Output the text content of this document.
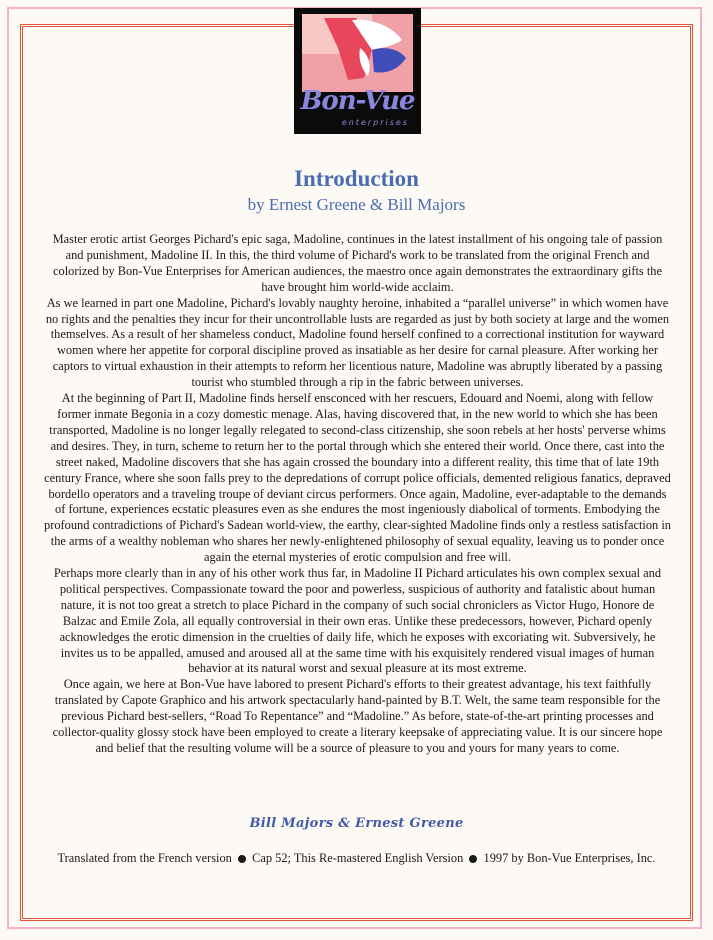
Bon-Vue
enterprises
Introduction
by Ernest Greene & Bill Majors

Master erotic artist Georges Pichard's epic saga, Madoline, continues in the latest installment of his ongoing tale of passion and punishment, Madoline II. In this, the third volume of Pichard's work to be translated from the original French and colorized by Bon-Vue Enterprises for American audiences, the maestro once again demonstrates the extraordinary gifts the have brought him world-wide acclaim.

As we learned in part one Madoline, Pichard's lovably naughty heroine, inhabited a “parallel universe” in which women have no rights and the penalties they incur for their uncontrollable lusts are regarded as just by both society at large and the women themselves. As a result of her shameless conduct, Madoline found herself confined to a correctional institution for wayward women where her appetite for corporal discipline proved as insatiable as her desire for carnal pleasure. After working her captors to virtual exhaustion in their attempts to reform her licentious nature, Madoline was abruptly liberated by a passing tourist who stumbled through a rip in the fabric between universes.

At the beginning of Part II, Madoline finds herself ensconced with her rescuers, Edouard and Noemi, along with fellow former inmate Begonia in a cozy domestic menage. Alas, having discovered that, in the new world to which she has been transported, Madoline is no longer legally relegated to second-class citizenship, she soon rebels at her hosts' perverse whims and desires. They, in turn, scheme to return her to the portal through which she entered their world. Once there, cast into the street naked, Madoline discovers that she has again crossed the boundary into a different reality, this time that of late 19th century France, where she soon falls prey to the depredations of corrupt police officials, demented religious fanatics, depraved bordello operators and a traveling troupe of deviant circus performers. Once again, Madoline, ever-adaptable to the demands of fortune, experiences ecstatic pleasures even as she endures the most ingeniously diabolical of torments. Embodying the profound contradictions of Pichard's Sadean world-view, the earthy, clear-sighted Madoline finds only a restless satisfaction in the arms of a wealthy nobleman who shares her newly-enlightened philosophy of sexual equality, leaving us to ponder once again the eternal mysteries of erotic compulsion and free will.

Perhaps more clearly than in any of his other work thus far, in Madoline II Pichard articulates his own complex sexual and political perspectives. Compassionate toward the poor and powerless, suspicious of authority and fatalistic about human nature, it is not too great a stretch to place Pichard in the company of such social chroniclers as Victor Hugo, Honore de Balzac and Emile Zola, all equally controversial in their own eras. Unlike these predecessors, however, Pichard openly acknowledges the erotic dimension in the cruelties of daily life, which he exposes with excoriating wit. Subversively, he invites us to be appalled, amused and aroused all at the same time with his exquisitely rendered visual images of human behavior at its natural worst and sexual pleasure at its most extreme.

Once again, we here at Bon-Vue have labored to present Pichard's efforts to their greatest advantage, his text faithfully translated by Capote Graphico and his artwork spectacularly hand-painted by B.T. Welt, the same team responsible for the previous Pichard best-sellers, “Road To Repentance” and “Madoline.” As before, state-of-the-art printing processes and collector-quality glossy stock have been employed to create a literary keepsake of appreciating value. It is our sincere hope and belief that the resulting volume will be a source of pleasure to you and yours for many years to come.

Bill Majors & Ernest Greene
Translated from the French version Cap 52; This Re-mastered English Version 1997 by Bon-Vue Enterprises, Inc.
